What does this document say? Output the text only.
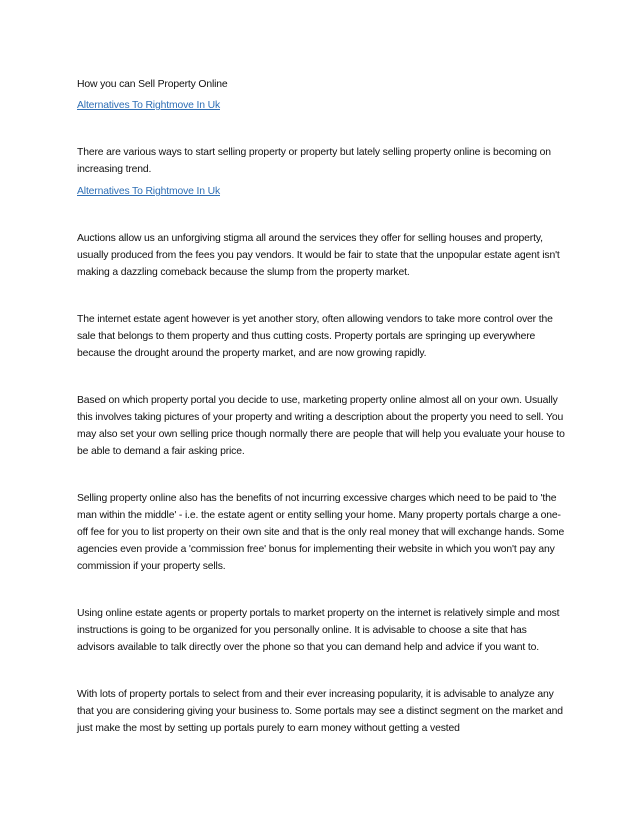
How you can Sell Property Online
Alternatives To Rightmove In Uk

There are various ways to start selling property or property but lately selling property online is becoming on increasing trend.

Alternatives To Rightmove In Uk

Auctions allow us an unforgiving stigma all around the services they offer for selling houses and property, usually produced from the fees you pay vendors. It would be fair to state that the unpopular estate agent isn't making a dazzling comeback because the slump from the property market.

The internet estate agent however is yet another story, often allowing vendors to take more control over the sale that belongs to them property and thus cutting costs. Property portals are springing up everywhere because the drought around the property market, and are now growing rapidly.

Based on which property portal you decide to use, marketing property online almost all on your own. Usually this involves taking pictures of your property and writing a description about the property you need to sell. You may also set your own selling price though normally there are people that will help you evaluate your house to be able to demand a fair asking price.

Selling property online also has the benefits of not incurring excessive charges which need to be paid to 'the man within the middle' - i.e. the estate agent or entity selling your home. Many property portals charge a one-off fee for you to list property on their own site and that is the only real money that will exchange hands. Some agencies even provide a 'commission free' bonus for implementing their website in which you won't pay any commission if your property sells.

Using online estate agents or property portals to market property on the internet is relatively simple and most instructions is going to be organized for you personally online. It is advisable to choose a site that has advisors available to talk directly over the phone so that you can demand help and advice if you want to.

With lots of property portals to select from and their ever increasing popularity, it is advisable to analyze any that you are considering giving your business to. Some portals may see a distinct segment on the market and just make the most by setting up portals purely to earn money without getting a vested
